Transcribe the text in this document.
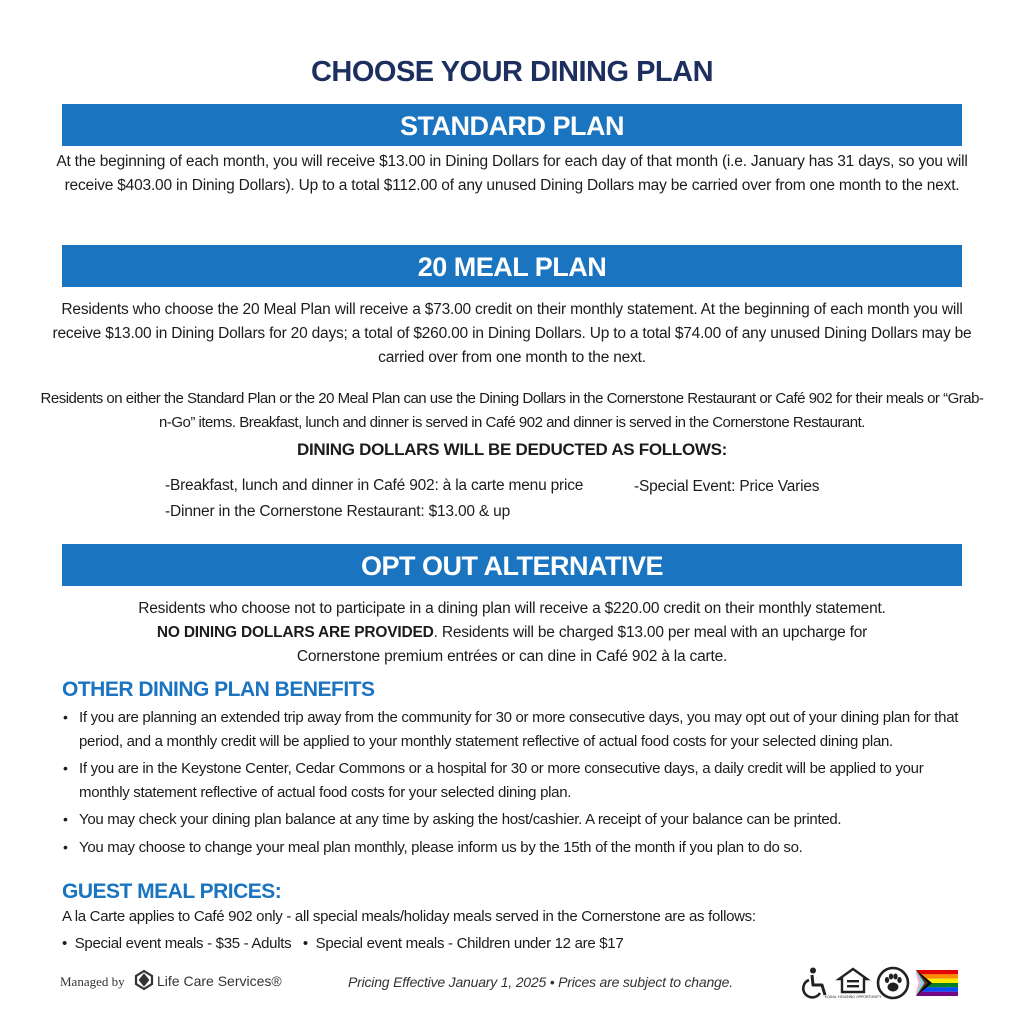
CHOOSE YOUR DINING PLAN
STANDARD PLAN
At the beginning of each month, you will receive $13.00 in Dining Dollars for each day of that month (i.e. January has 31 days, so you will receive $403.00 in Dining Dollars). Up to a total $112.00 of any unused Dining Dollars may be carried over from one month to the next.
20 MEAL PLAN
Residents who choose the 20 Meal Plan will receive a $73.00 credit on their monthly statement. At the beginning of each month you will receive $13.00 in Dining Dollars for 20 days; a total of $260.00 in Dining Dollars. Up to a total $74.00 of any unused Dining Dollars may be carried over from one month to the next.
Residents on either the Standard Plan or the 20 Meal Plan can use the Dining Dollars in the Cornerstone Restaurant or Café 902 for their meals or “Grab-n-Go” items. Breakfast, lunch and dinner is served in Café 902 and dinner is served in the Cornerstone Restaurant.
DINING DOLLARS WILL BE DEDUCTED AS FOLLOWS:
-Breakfast, lunch and dinner in Café 902: à la carte menu price
-Dinner in the Cornerstone Restaurant: $13.00 & up
-Special Event: Price Varies
OPT OUT ALTERNATIVE
Residents who choose not to participate in a dining plan will receive a $220.00 credit on their monthly statement.
NO DINING DOLLARS ARE PROVIDED. Residents will be charged $13.00 per meal with an upcharge for
Cornerstone premium entrées or can dine in Café 902 à la carte.
OTHER DINING PLAN BENEFITS
• If you are planning an extended trip away from the community for 30 or more consecutive days, you may opt out of your dining plan for that period, and a monthly credit will be applied to your monthly statement reflective of actual food costs for your selected dining plan.
• If you are in the Keystone Center, Cedar Commons or a hospital for 30 or more consecutive days, a daily credit will be applied to your monthly statement reflective of actual food costs for your selected dining plan.
• You may check your dining plan balance at any time by asking the host/cashier. A receipt of your balance can be printed.
• You may choose to change your meal plan monthly, please inform us by the 15th of the month if you plan to do so.
GUEST MEAL PRICES:
A la Carte applies to Café 902 only - all special meals/holiday meals served in the Cornerstone are as follows:
• Special event meals - $35 - Adults • Special event meals - Children under 12 are $17
Managed by Life Care Services®	Pricing Effective January 1, 2025 • Prices are subject to change.
EQUAL HOUSING OPPORTUNITY
